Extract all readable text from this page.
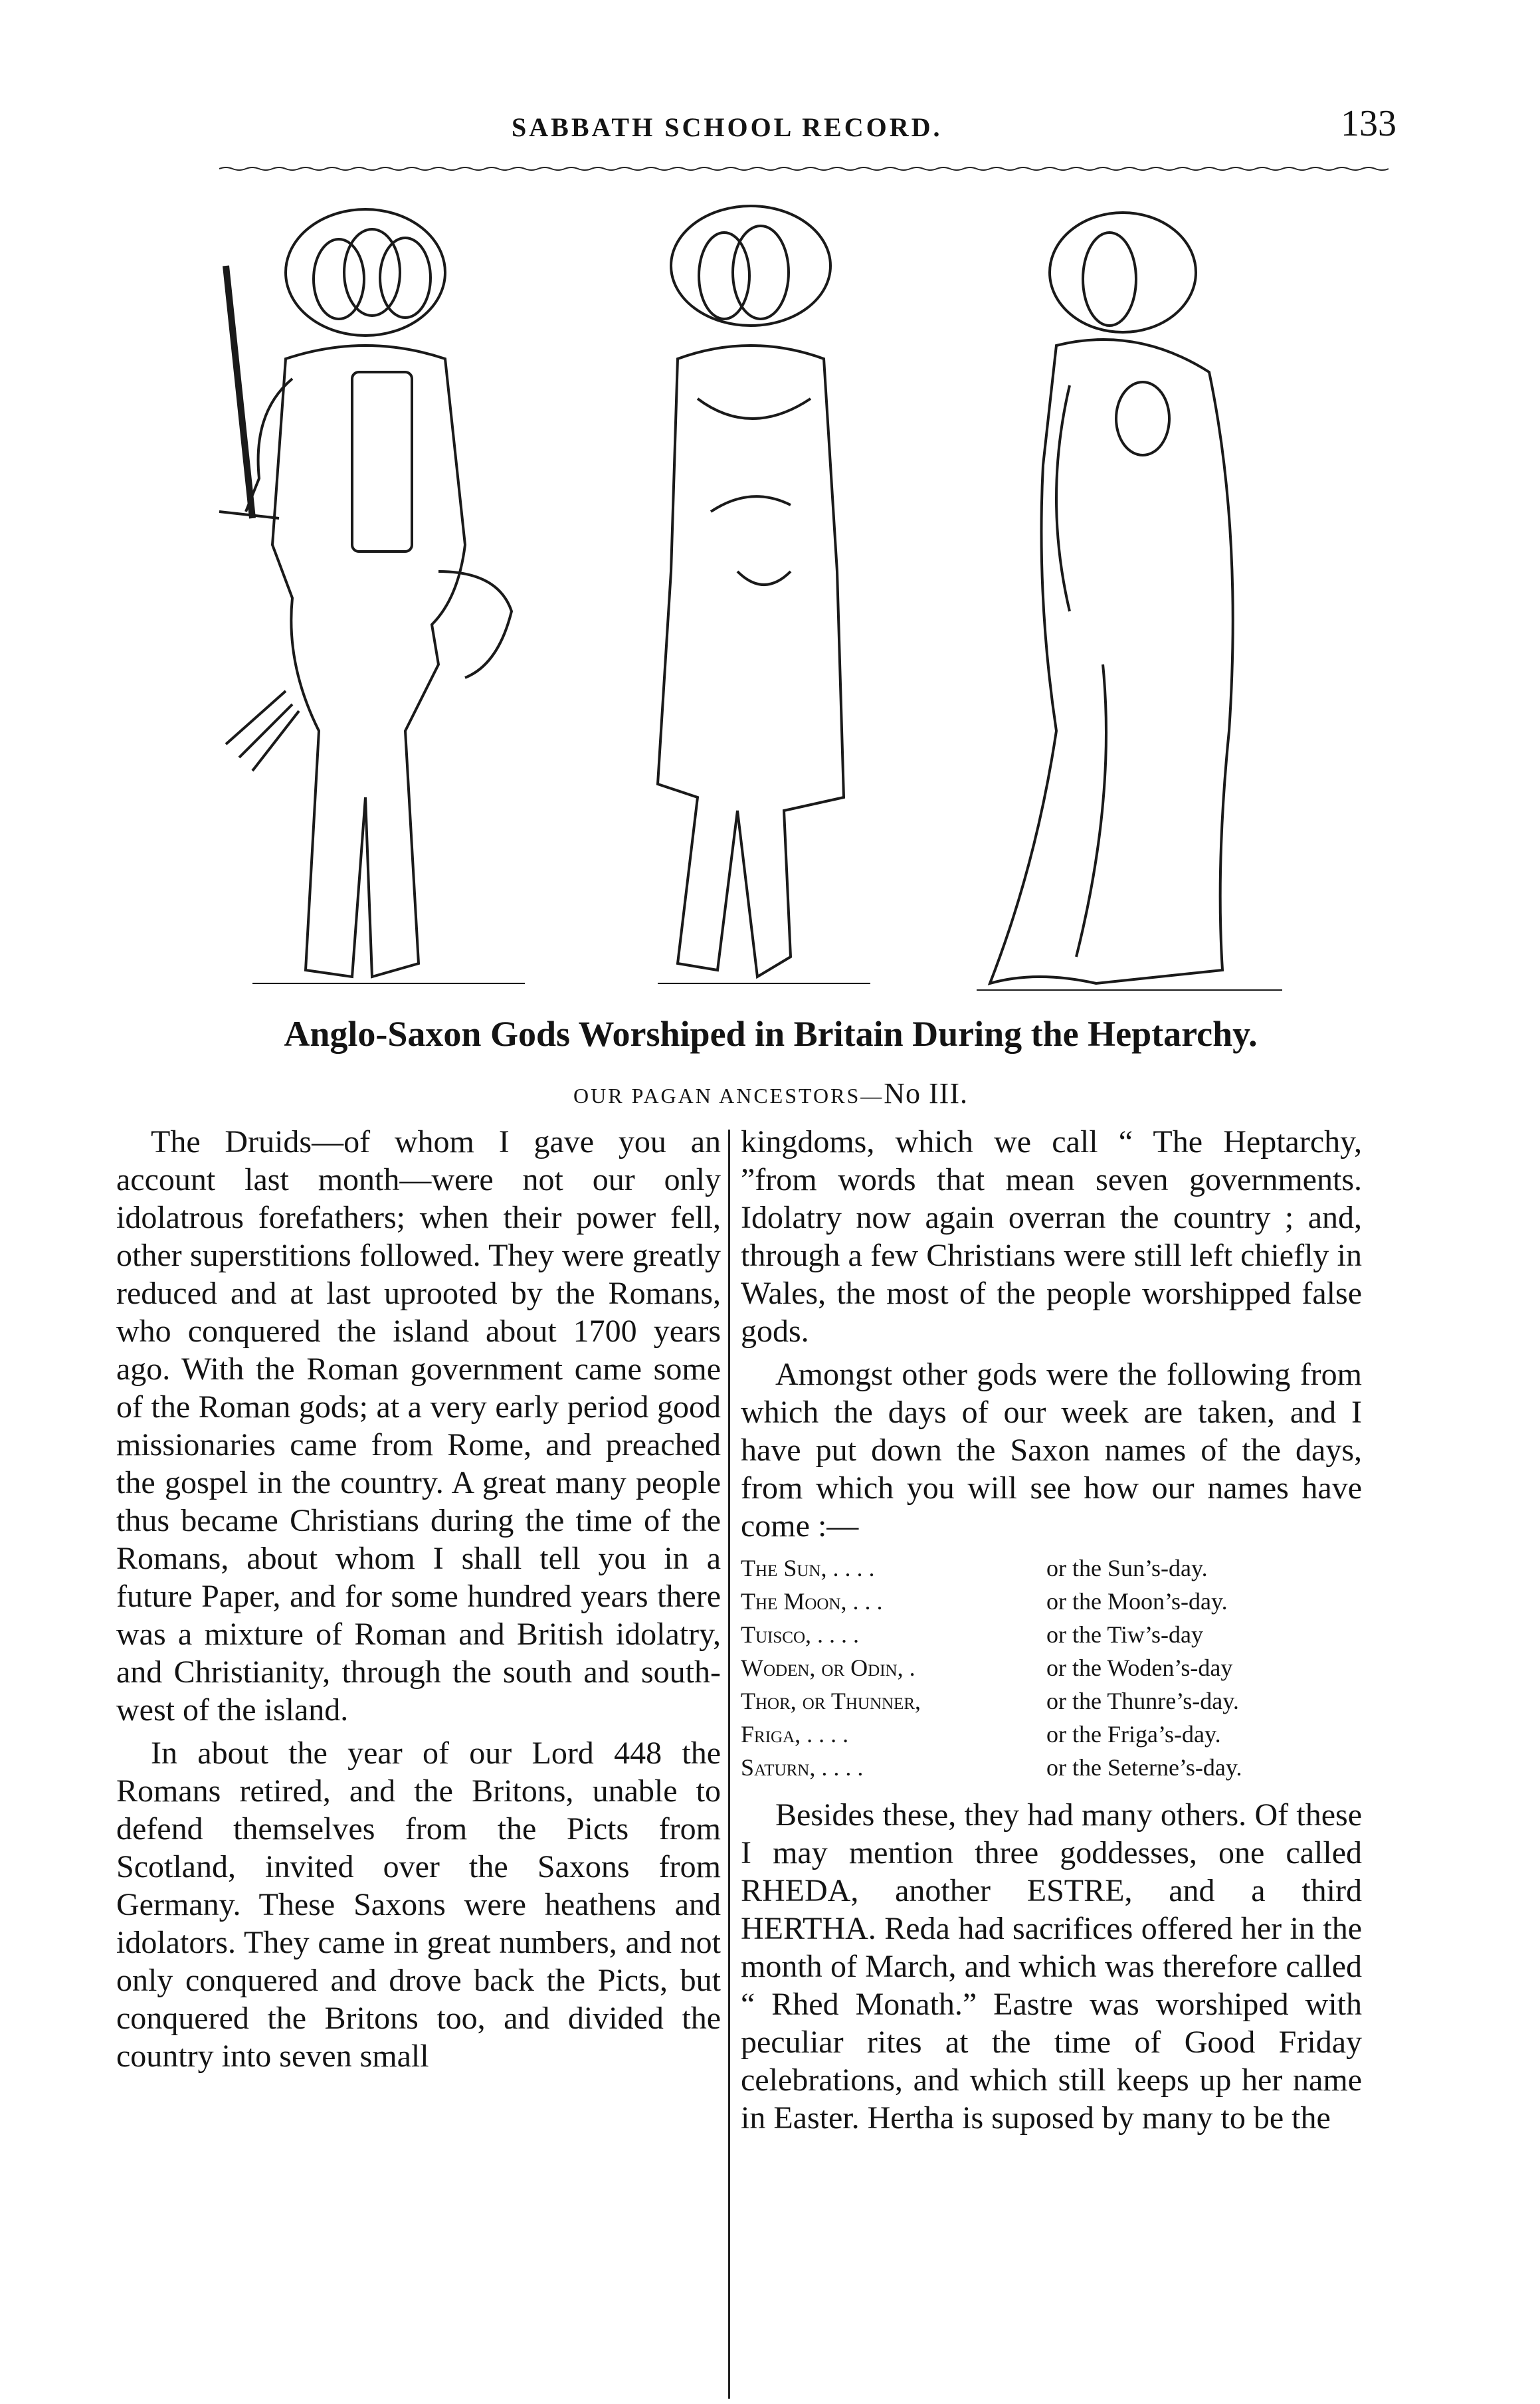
SABBATH SCHOOL RECORD.	133
Anglo-Saxon Gods Worshiped in Britain During the Heptarchy.
OUR PAGAN ANCESTORS—No III.

The Druids—of whom I gave you an account last month—were not our only idolatrous forefathers; when their power fell, other superstitions followed. They were greatly reduced and at last uprooted by the Romans, who conquered the island about 1700 years ago. With the Roman government came some of the Roman gods; at a very early period good missionaries came from Rome, and preached the gospel in the country. A great many people thus became Christians during the time of the Romans, about whom I shall tell you in a future Paper, and for some hundred years there was a mixture of Roman and British idolatry, and Christianity, through the south and south-west of the island.

In about the year of our Lord 448 the Romans retired, and the Britons, unable to defend themselves from the Picts from Scotland, invited over the Saxons from Germany. These Saxons were heathens and idolators. They came in great numbers, and not only conquered and drove back the Picts, but conquered the Britons too, and divided the country into seven small

kingdoms, which we call “ The Heptarchy, ”from words that mean seven governments. Idolatry now again overran the country ; and, through a few Christians were still left chiefly in Wales, the most of the people worshipped false gods.

Amongst other gods were the following from which the days of our week are taken, and I have put down the Saxon names of the days, from which you will see how our names have come :—

The Sun, . . . .	or the Sun’s-day.
The Moon, . . .	or the Moon’s-day.
Tuisco, . . . .	or the Tiw’s-day
Woden, or Odin, .	or the Woden’s-day
Thor, or Thunner,	or the Thunre’s-day.
Friga, . . . .	or the Friga’s-day.
Saturn, . . . .	or the Seterne’s-day.

Besides these, they had many others. Of these I may mention three goddesses, one called RHEDA, another ESTRE, and a third HERTHA. Reda had sacrifices offered her in the month of March, and which was therefore called “ Rhed Monath.” Eastre was worshiped with peculiar rites at the time of Good Friday celebrations, and which still keeps up her name in Easter. Hertha is suposed by many to be the
